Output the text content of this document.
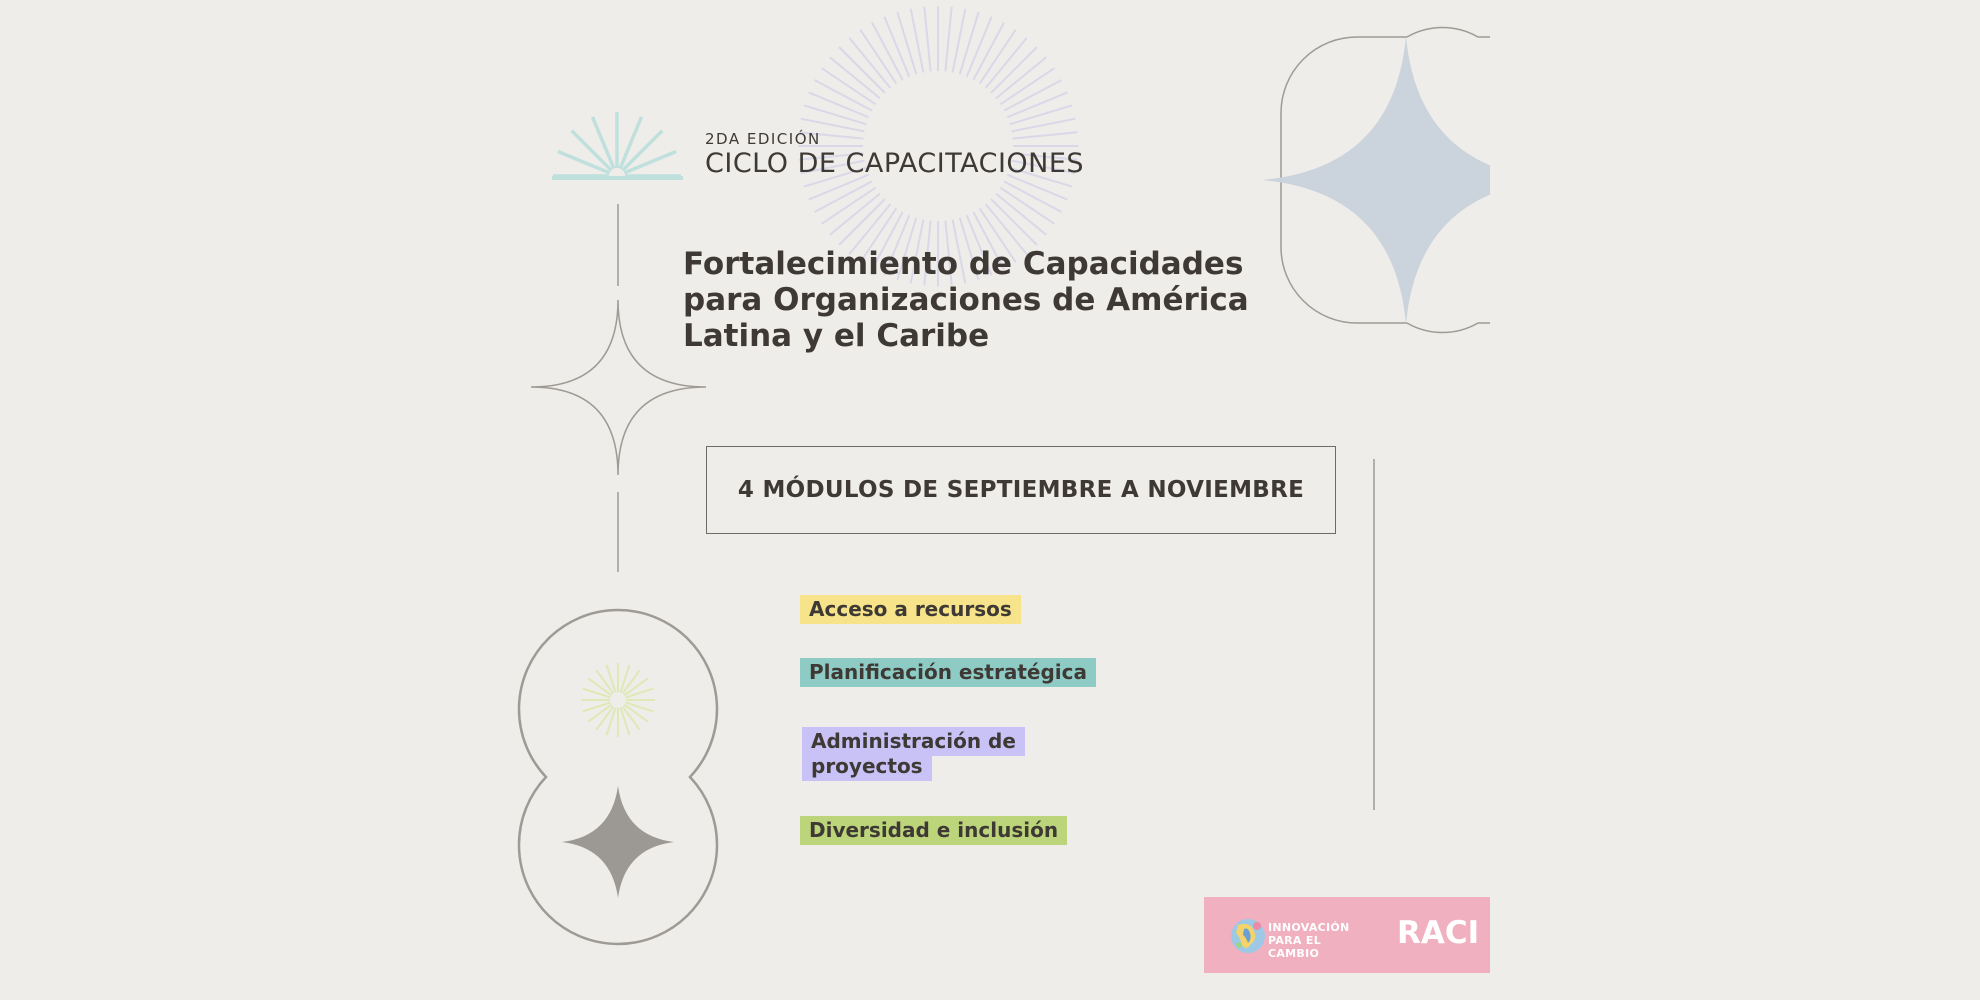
2DA EDICIÓN
CICLO DE CAPACITACIONES
Fortalecimiento de Capacidades para Organizaciones de América Latina y el Caribe
4 MÓDULOS DE SEPTIEMBRE A NOVIEMBRE
Acceso a recursos
Planificación estratégica
Administración de proyectos
Diversidad e inclusión
INNOVACIÓN PARA EL CAMBIO
RACI
